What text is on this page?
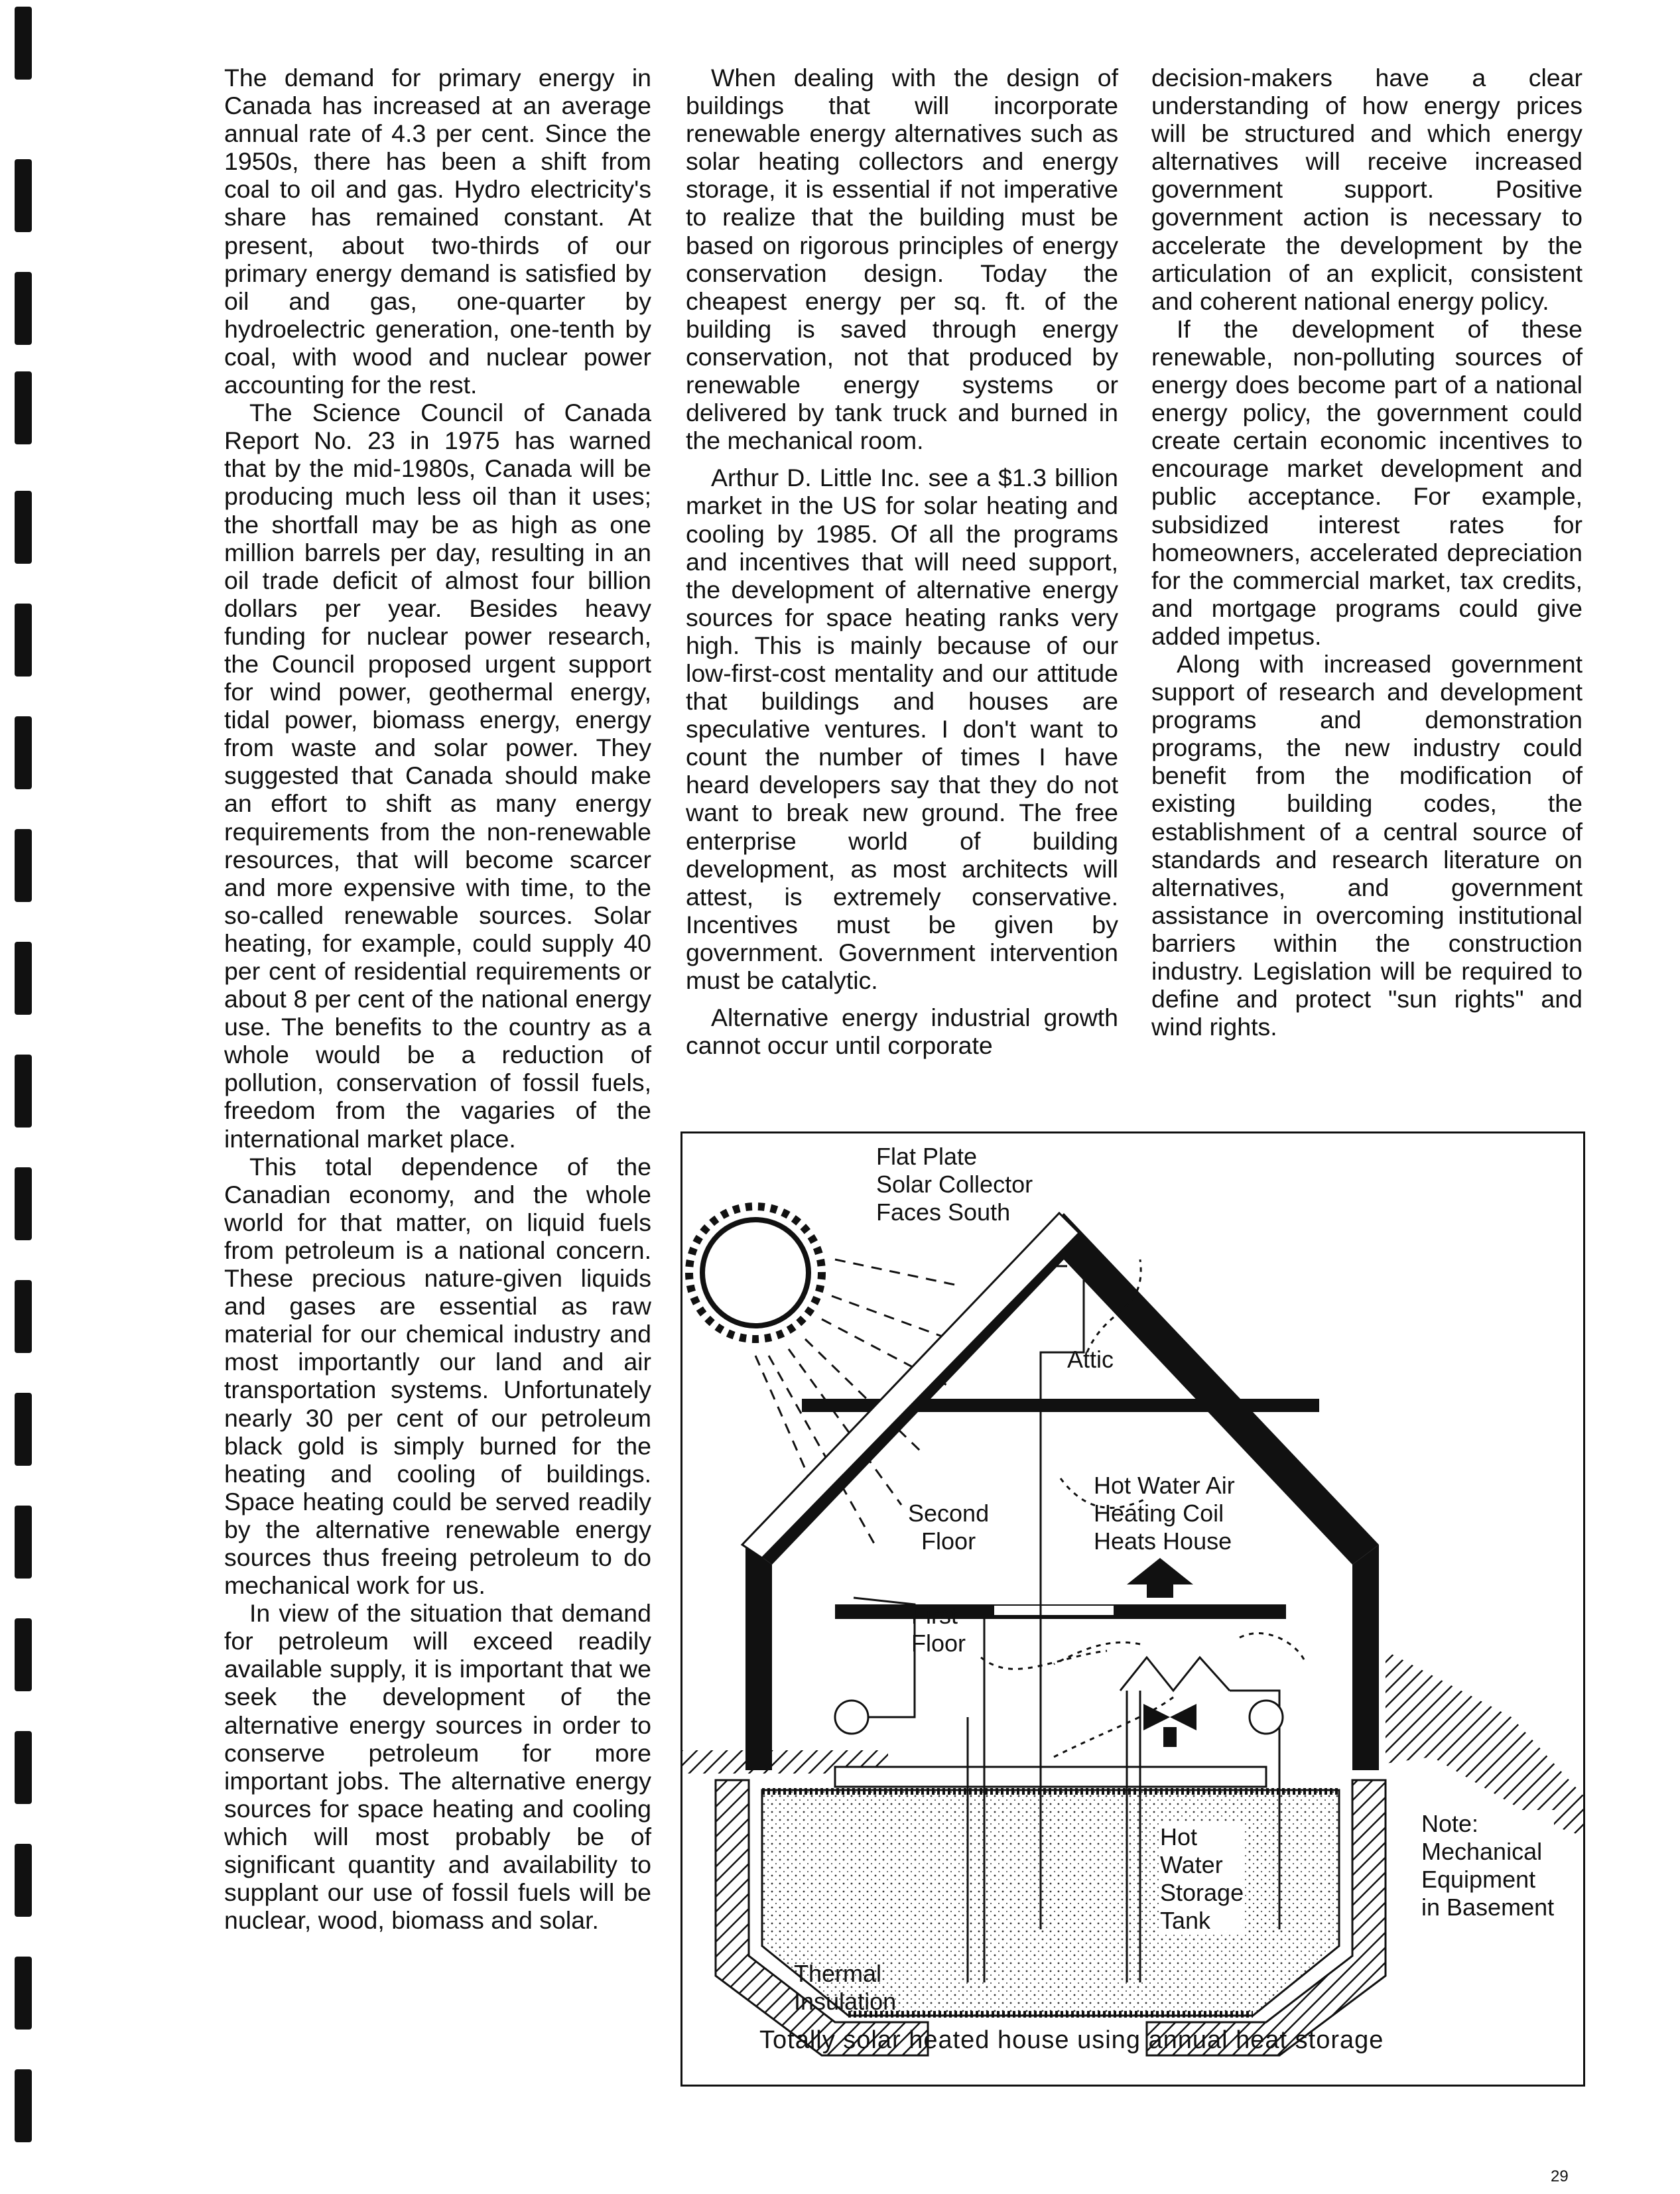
The demand for primary energy in Canada has increased at an average annual rate of 4.3 per cent. Since the 1950s, there has been a shift from coal to oil and gas. Hydro electricity's share has remained constant. At present, about two-thirds of our primary energy demand is satisfied by oil and gas, one-quarter by hydroelectric generation, one-tenth by coal, with wood and nuclear power accounting for the rest.

The Science Council of Canada Report No. 23 in 1975 has warned that by the mid-1980s, Canada will be producing much less oil than it uses; the shortfall may be as high as one million barrels per day, resulting in an oil trade deficit of almost four billion dollars per year. Besides heavy funding for nuclear power research, the Council proposed urgent support for wind power, geothermal energy, tidal power, biomass energy, energy from waste and solar power. They suggested that Canada should make an effort to shift as many energy requirements from the non-renewable resources, that will become scarcer and more expensive with time, to the so-called renewable sources. Solar heating, for example, could supply 40 per cent of residential requirements or about 8 per cent of the national energy use. The benefits to the country as a whole would be a reduction of pollution, conservation of fossil fuels, freedom from the vagaries of the international market place.

This total dependence of the Canadian economy, and the whole world for that matter, on liquid fuels from petroleum is a national concern. These precious nature-given liquids and gases are essential as raw material for our chemical industry and most importantly our land and air transportation systems. Unfortunately nearly 30 per cent of our petroleum black gold is simply burned for the heating and cooling of buildings. Space heating could be served readily by the alternative renewable energy sources thus freeing petroleum to do mechanical work for us.

In view of the situation that demand for petroleum will exceed readily available supply, it is important that we seek the development of the alternative energy sources in order to conserve petroleum for more important jobs. The alternative energy sources for space heating and cooling which will most probably be of significant quantity and availability to supplant our use of fossil fuels will be nuclear, wood, biomass and solar.

When dealing with the design of buildings that will incorporate renewable energy alternatives such as solar heating collectors and energy storage, it is essential if not imperative to realize that the building must be based on rigorous principles of energy conservation design. Today the cheapest energy per sq. ft. of the building is saved through energy conservation, not that produced by renewable energy systems or delivered by tank truck and burned in the mechanical room.

Arthur D. Little Inc. see a $1.3 billion market in the US for solar heating and cooling by 1985. Of all the programs and incentives that will need support, the development of alternative energy sources for space heating ranks very high. This is mainly because of our low-first-cost mentality and our attitude that buildings and houses are speculative ventures. I don't want to count the number of times I have heard developers say that they do not want to break new ground. The free enterprise world of building development, as most architects will attest, is extremely conservative. Incentives must be given by government. Government intervention must be catalytic.

Alternative energy industrial growth cannot occur until corporate

decision-makers have a clear understanding of how energy prices will be structured and which energy alternatives will receive increased government support. Positive government action is necessary to accelerate the development by the articulation of an explicit, consistent and coherent national energy policy.

If the development of these renewable, non-polluting sources of energy does become part of a national energy policy, the government could create certain economic incentives to encourage market development and public acceptance. For example, subsidized interest rates for homeowners, accelerated depreciation for the commercial market, tax credits, and mortgage programs could give added impetus.

Along with increased government support of research and development programs and demonstration programs, the new industry could benefit from the modification of existing building codes, the establishment of a central source of standards and research literature on alternatives, and government assistance in overcoming institutional barriers within the construction industry. Legislation will be required to define and protect "sun rights" and wind rights.

Flat Plate
Solar Collector
Faces South
Attic
Second
Floor
Hot Water Air
Heating Coil
Heats House
First
Floor
Hot
Water
Storage
Tank
Note:
Mechanical
Equipment
in Basement
Thermal
Insulation
Totally solar heated house using annual heat storage
29
